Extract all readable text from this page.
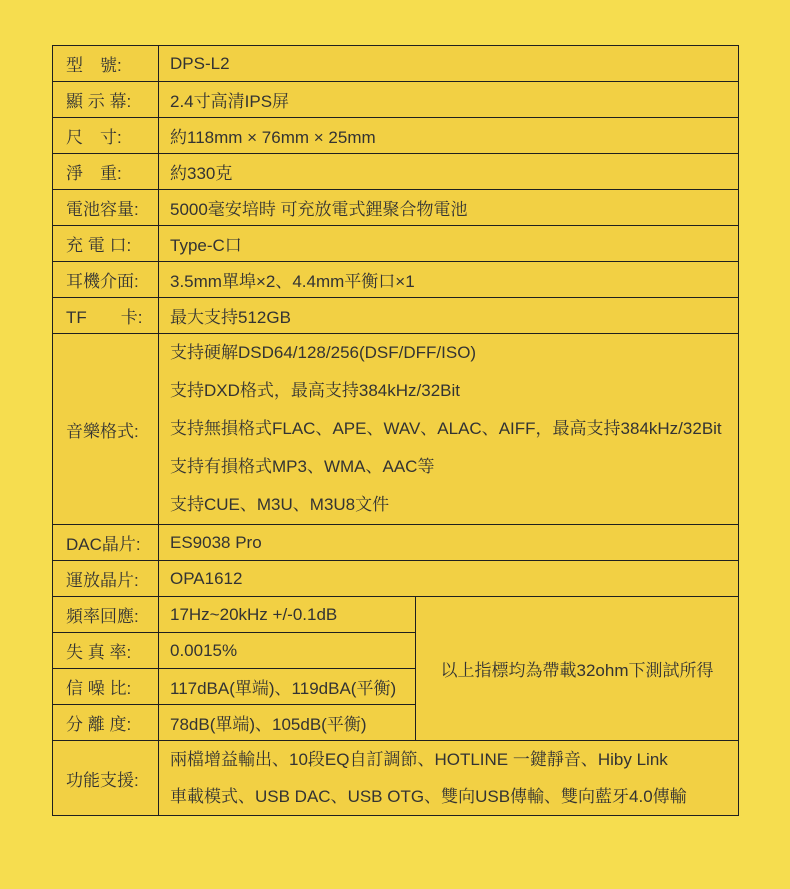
型　號:	DPS-L2	
顯 示 幕:	2.4寸高清IPS屏	
尺　寸:	約118mm × 76mm × 25mm	
淨　重:	約330克	
電池容量:	5000毫安培時 可充放電式鋰聚合物電池	
充 電 口:	Type-C口	
耳機介面:	3.5mm單埠×2、4.4mm平衡口×1	
TF　　卡:	最大支持512GB	
音樂格式:	支持硬解DSD64/128/256(DSF/DFF/ISO)
支持DXD格式，最高支持384kHz/32Bit
支持無損格式FLAC、APE、WAV、ALAC、AIFF，最高支持384kHz/32Bit
支持有損格式MP3、WMA、AAC等
支持CUE、M3U、M3U8文件	

DAC晶片:	ES9038 Pro	
運放晶片:	OPA1612	
頻率回應:	17Hz~20kHz +/-0.1dB	以上指標均為帶載32ohm下測試所得
失 真 率:	0.0015%	
信 噪 比:	117dBA(單端)、119dBA(平衡)	
分 離 度:	78dB(單端)、105dB(平衡)	
功能支援:	兩檔增益輸出、10段EQ自訂調節、HOTLINE 一鍵靜音、Hiby Link
車載模式、USB DAC、USB OTG、雙向USB傳輸、雙向藍牙4.0傳輸	
